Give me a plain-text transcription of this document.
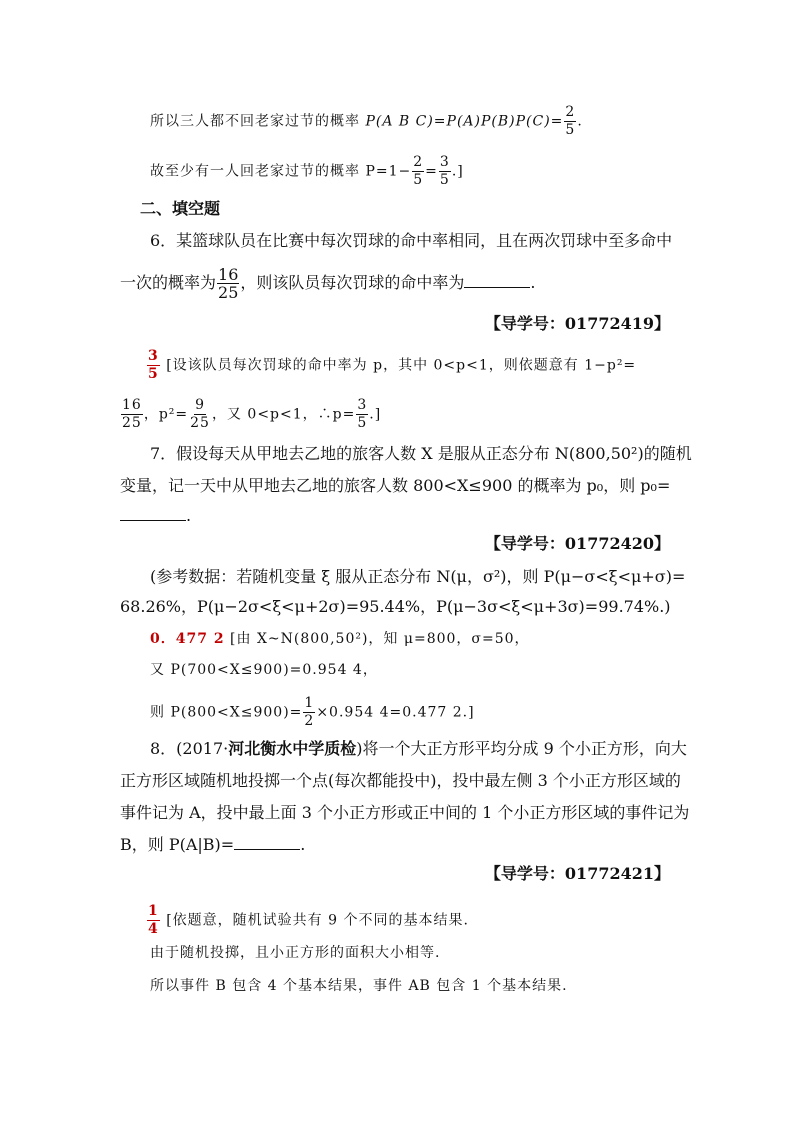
所以三人都不回老家过节的概率 P(A B $C)=P(A)P(B)P(C)= \frac{2}{5}$ .
故至少有一人回老家过节的概率 $P=1- \frac{2}{5} = \frac{3}{5}$ .]
二、填空题
6．某篮球队员在比赛中每次罚球的命中率相同，且在两次罚球中至多命中
一次的概率为 $\frac{16}{25}$ ，则该队员每次罚球的命中率为	.
【导学号：01772419】
$\frac{3}{5}$ [设该队员每次罚球的命中率为 p，其中 0<p<1，则依题意有 1−p²=
$\frac{16}{25}$ ，$p^2= \frac{9}{25}$ ，又 0<p<1，∴p= $\frac{3}{5}$ .]
7．假设每天从甲地去乙地的旅客人数 X 是服从正态分布 N(800,50²)的随机
变量，记一天中从甲地去乙地的旅客人数 800<X≤900 的概率为 p₀，则 p₀=
.
【导学号：01772420】
(参考数据：若随机变量 ξ 服从正态分布 N(μ，σ²)，则 P(μ−σ<ξ<μ+σ)=
68.26%，P(μ−2σ<ξ<μ+2σ)=95.44%，P(μ−3σ<ξ<μ+3σ)=99.74%.)
0．477 2 [由 X~N(800,50²)，知 μ=800，σ=50，
又 P(700<X≤900)=0.954 4，
则 $P(800<X\le 900)= \frac{1}{2} \times 0.954$ 4=0.477 2.]
8．(2017·河北衡水中学质检)将一个大正方形平均分成 9 个小正方形，向大
正方形区域随机地投掷一个点(每次都能投中)，投中最左侧 3 个小正方形区域的
事件记为 A，投中最上面 3 个小正方形或正中间的 1 个小正方形区域的事件记为
B，则 P(A|B)=	.
【导学号：01772421】
$\frac{1}{4}$ [依题意，随机试验共有 9 个不同的基本结果.
由于随机投掷，且小正方形的面积大小相等.
所以事件 B 包含 4 个基本结果，事件 AB 包含 1 个基本结果.
